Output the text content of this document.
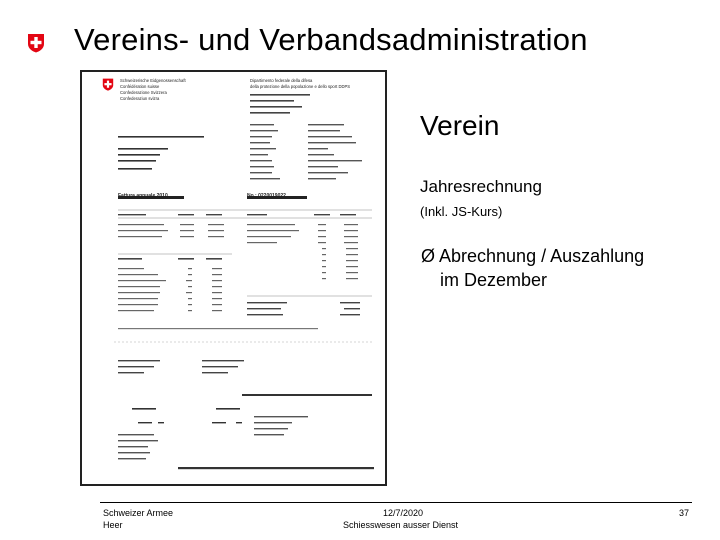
Vereins- und Verbandsadministration
Schweizerische Eidgenossenschaft
Confédération suisse
Confederazione Svizzera
Confederaziun svizra
Dipartimento federale della difesa
della protezione della popolazione e dello sport DDPS
Fattura annuale 2010	No.: 0220019022
Verein
Jahresrechnung
(Inkl. JS-Kurs)
Ø Abrechnung / Auszahlung
im Dezember
Schweizer Armee
Heer
12/7/2020
Schiesswesen ausser Dienst
37
